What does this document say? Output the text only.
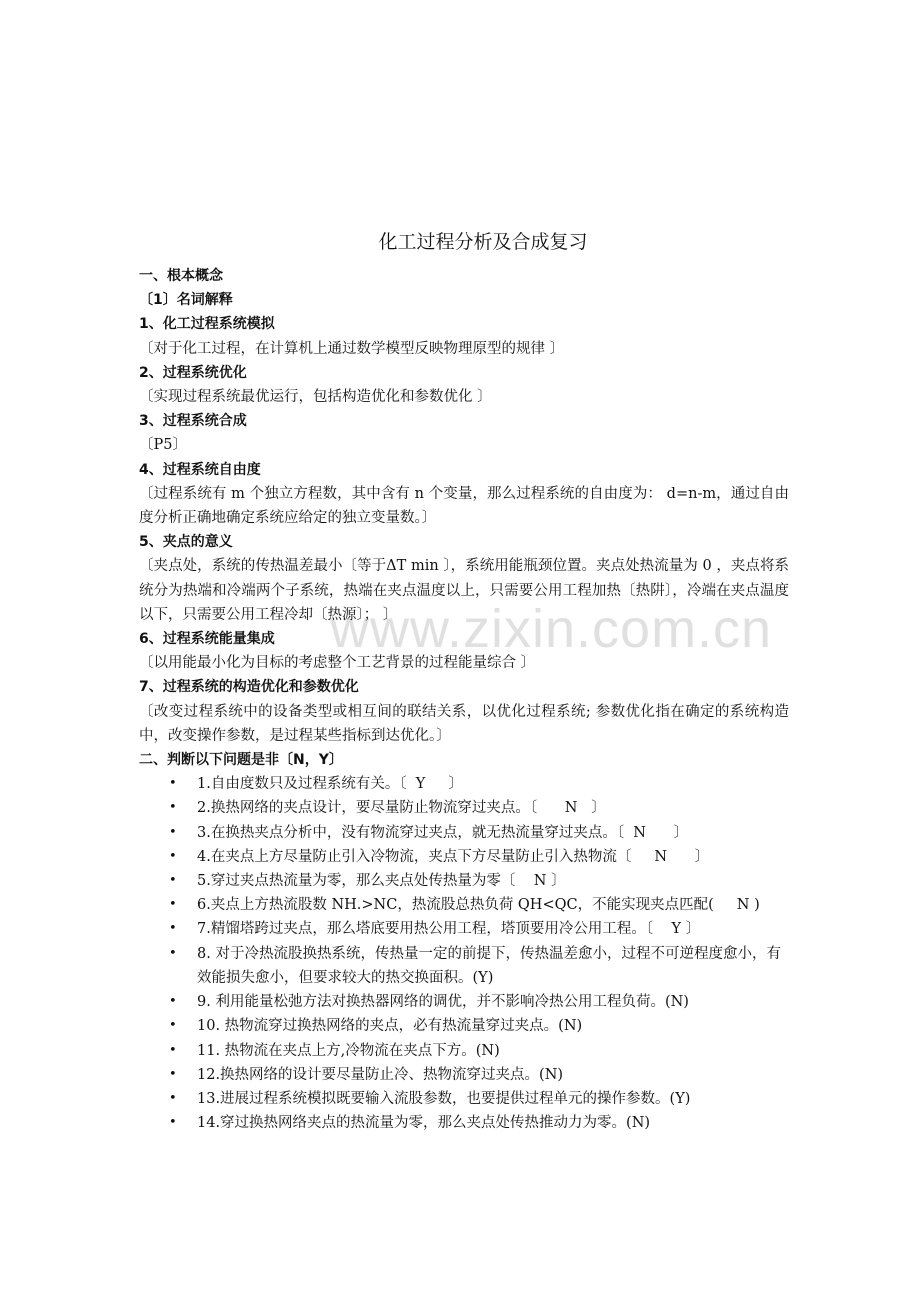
www.zixin.com.cn
化工过程分析及合成复习
一、根本概念
〔1〕名词解释
1、化工过程系统模拟

〔对于化工过程，在计算机上通过数学模型反映物理原型的规律 〕

2、过程系统优化

〔实现过程系统最优运行，包括构造优化和参数优化 〕

3、过程系统合成

〔P5〕

4、过程系统自由度

〔过程系统有 m 个独立方程数，其中含有 n 个变量，那么过程系统的自由度为： d=n-m，通过自由度分析正确地确定系统应给定的独立变量数。〕

5、夹点的意义

〔夹点处，系统的传热温差最小〔等于ΔT min 〕，系统用能瓶颈位置。夹点处热流量为 0 ，夹点将系统分为热端和冷端两个子系统，热端在夹点温度以上，只需要公用工程加热〔热阱〕，冷端在夹点温度以下，只需要公用工程冷却〔热源〕； 〕

6、过程系统能量集成

〔以用能最小化为目标的考虑整个工艺背景的过程能量综合 〕

7、过程系统的构造优化和参数优化

〔改变过程系统中的设备类型或相互间的联结关系，以优化过程系统; 参数优化指在确定的系统构造中，改变操作参数，是过程某些指标到达优化。〕

二、判断以下问题是非〔N，Y〕
• 1.自由度数只及过程系统有关。〔  Y     〕
• 2.换热网络的夹点设计，要尽量防止物流穿过夹点。〔      N   〕
• 3.在换热夹点分析中，没有物流穿过夹点，就无热流量穿过夹点。〔  N      〕
• 4.在夹点上方尽量防止引入冷物流，夹点下方尽量防止引入热物流〔     N      〕
• 5.穿过夹点热流量为零，那么夹点处传热量为零〔    N 〕
• 6.夹点上方热流股数 NH.>NC，热流股总热负荷 QH<QC，不能实现夹点匹配(     N )
• 7.精馏塔跨过夹点，那么塔底要用热公用工程，塔顶要用冷公用工程。〔    Y 〕
• 8. 对于冷热流股换热系统，传热量一定的前提下，传热温差愈小，过程不可逆程度愈小，有效能损失愈小，但要求较大的热交换面积。(Y)
• 9. 利用能量松弛方法对换热器网络的调优，并不影响冷热公用工程负荷。(N)
• 10. 热物流穿过换热网络的夹点，必有热流量穿过夹点。(N)
• 11. 热物流在夹点上方,冷物流在夹点下方。(N)
• 12.换热网络的设计要尽量防止冷、热物流穿过夹点。(N)
• 13.进展过程系统模拟既要输入流股参数，也要提供过程单元的操作参数。(Y)
• 14.穿过换热网络夹点的热流量为零，那么夹点处传热推动力为零。(N)
